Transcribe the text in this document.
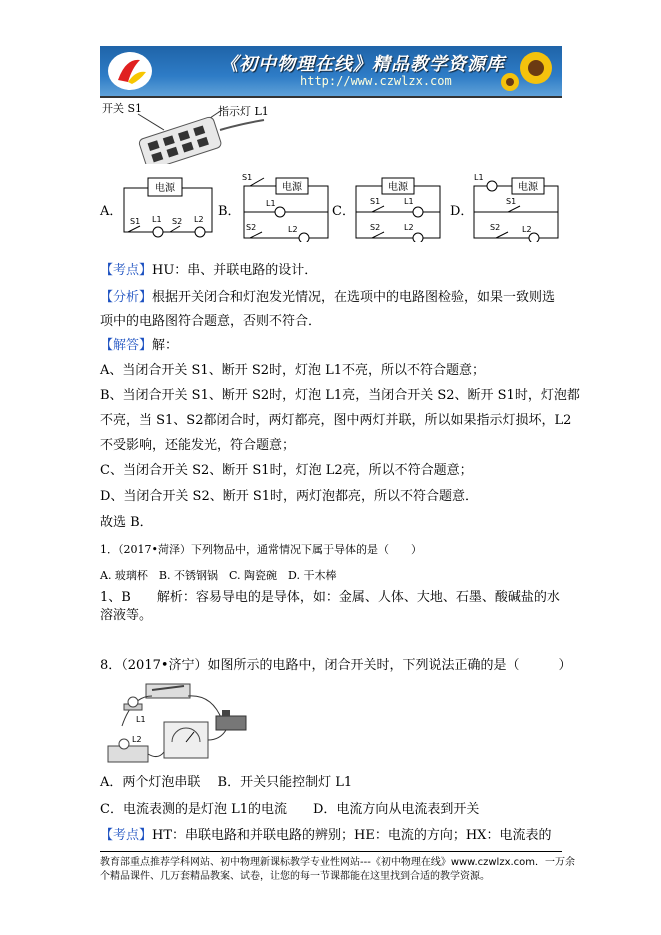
《初中物理在线》精品教学资源库
http://www.czwlzx.com
开关 S1	指示灯 L1
A．
电源
S1 L1 S2 L2
B．
电源
S1
L1
S2	L2
C．
电源
S1	L1
S2	L2
D．
电源
L1
S1
S2	L2
【考点】HU：串、并联电路的设计．
【分析】根据开关闭合和灯泡发光情况，在选项中的电路图检验，如果一致则选
项中的电路图符合题意，否则不符合．
【解答】解：
A、当闭合开关 S1、断开 S2时，灯泡 L1不亮，所以不符合题意；
B、当闭合开关 S1、断开 S2时，灯泡 L1亮，当闭合开关 S2、断开 S1时，灯泡都
不亮，当 S1、S2都闭合时，两灯都亮，图中两灯并联，所以如果指示灯损坏，L2
不受影响，还能发光，符合题意；
C、当闭合开关 S2、断开 S1时，灯泡 L2亮，所以不符合题意；
D、当闭合开关 S2、断开 S1时，两灯泡都亮，所以不符合题意．
故选 B．
1．（2017•菏泽）下列物品中，通常情况下属于导体的是（　　）
A. 玻璃杯　B. 不锈钢锅　C. 陶瓷碗　D. 干木棒
1、B　　解析：容易导电的是导体，如：金属、人体、大地、石墨、酸碱盐的水
溶液等。
8．（2017•济宁）如图所示的电路中，闭合开关时，下列说法正确的是（　　　）
L1
L2
A．两个灯泡串联　 B．开关只能控制灯 L1
C．电流表测的是灯泡 L1的电流　　D．电流方向从电流表到开关
【考点】HT：串联电路和并联电路的辨别；HE：电流的方向；HX：电流表的
教育部重点推荐学科网站、初中物理新课标教学专业性网站---《初中物理在线》www.czwlzx.com．一万余
个精品课件、几万套精品教案、试卷，让您的每一节课都能在这里找到合适的教学资源。
